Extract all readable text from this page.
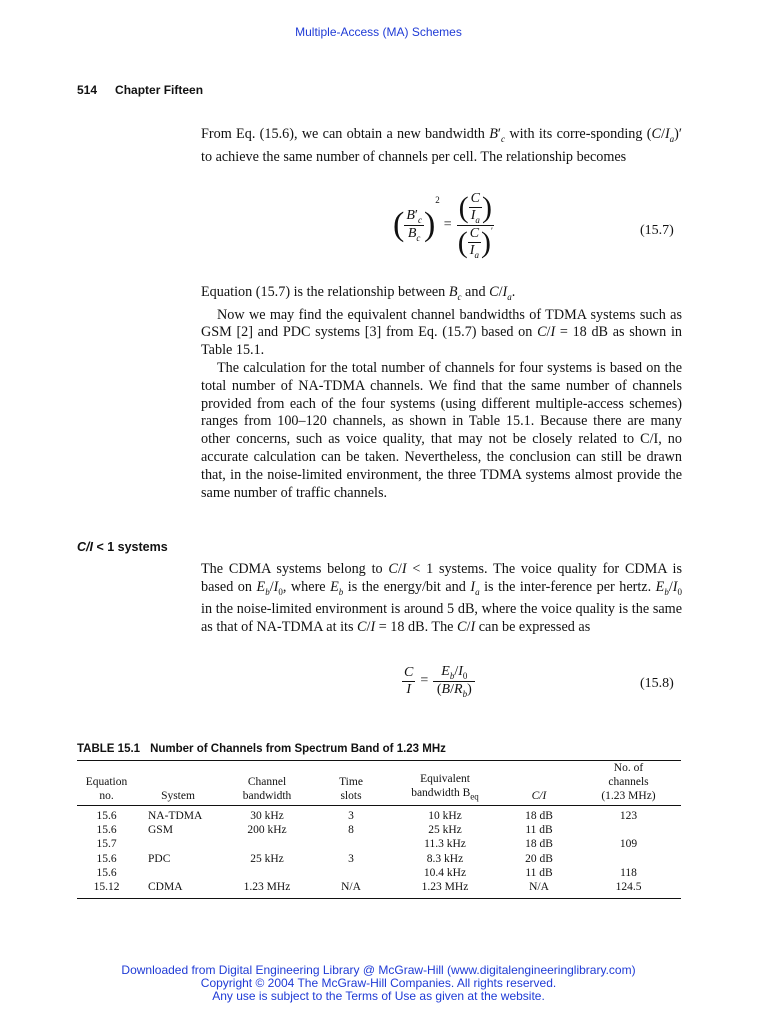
Multiple-Access (MA) Schemes
514 Chapter Fifteen

From Eq. (15.6), we can obtain a new bandwidth $B'_c$ with its corre-sponding $(C/I_a)'$ to achieve the same number of channels per cell. The relationship becomes

( $\frac{B'_c}{B_c}$ )
2
= $\frac{( \frac{C}{I_a} )}{( \frac{C}{I_a} )'}$	(15.7)

Equation (15.7) is the relationship between $B_c$ and $C/I_a$.

Now we may find the equivalent channel bandwidths of TDMA systems such as GSM [2] and PDC systems [3] from Eq. (15.7) based on C/I = 18 dB as shown in Table 15.1.

The calculation for the total number of channels for four systems is based on the total number of NA-TDMA channels. We find that the same number of channels provided from each of the four systems (using different multiple-access schemes) ranges from 100–120 channels, as shown in Table 15.1. Because there are many other concerns, such as voice quality, that may not be closely related to C/I, no accurate calculation can be taken. Nevertheless, the conclusion can still be drawn that, in the noise-limited environment, the three TDMA systems almost provide the same number of traffic channels.

C/I < 1 systems

The CDMA systems belong to C/I < 1 systems. The voice quality for CDMA is based on $E_b/I_0$, where $E_b$ is the energy/bit and $I_a$ is the inter-ference per hertz. $E_b/I_0$ in the noise-limited environment is around 5 dB, where the voice quality is the same as that of NA-TDMA at its C/I = 18 dB. The C/I can be expressed as

$\frac{C}{I} = \frac{E_b/I_0}{(B/R_b)}$	(15.8)
TABLE 15.1 Number of Channels from Spectrum Band of 1.23 MHz
Equation
no.	System	Channel
bandwidth	Time
slots	Equivalent
bandwidth $B_{eq}$	C/I	No. of
channels
(1.23 MHz)
15.6	NA-TDMA	30 kHz	3	10 kHz	18 dB	123
15.6	GSM	200 kHz	8	25 kHz	11 dB	
15.7				11.3 kHz	18 dB	109
15.6	PDC	25 kHz	3	8.3 kHz	20 dB	
15.6				10.4 kHz	11 dB	118
15.12	CDMA	1.23 MHz	N/A	1.23 MHz	N/A	124.5
Downloaded from Digital Engineering Library @ McGraw-Hill (www.digitalengineeringlibrary.com)
Copyright © 2004 The McGraw-Hill Companies. All rights reserved.
Any use is subject to the Terms of Use as given at the website.
